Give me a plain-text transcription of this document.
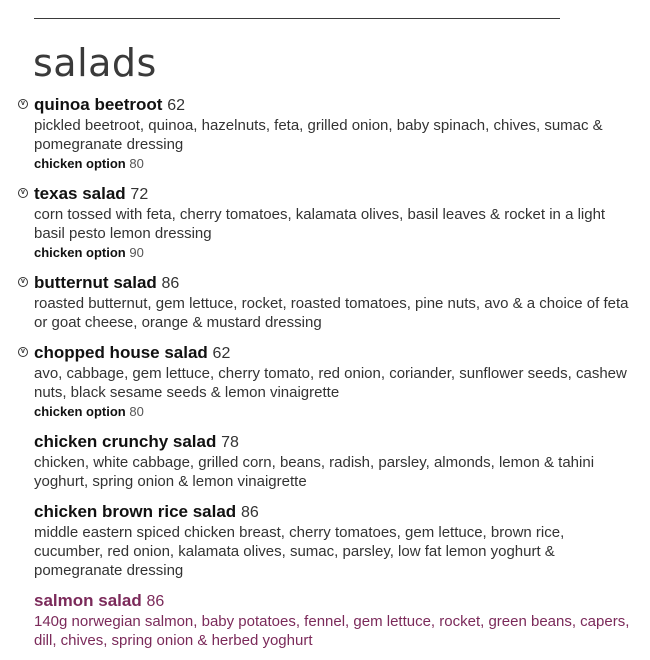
salads
v quinoa beetroot 62

pickled beetroot, quinoa, hazelnuts, feta, grilled onion, baby spinach, chives, sumac & pomegranate dressing

chicken option 80
v texas salad 72

corn tossed with feta, cherry tomatoes, kalamata olives, basil leaves & rocket in a light basil pesto lemon dressing

chicken option 90
v butternut salad 86

roasted butternut, gem lettuce, rocket, roasted tomatoes, pine nuts, avo & a choice of feta or goat cheese, orange & mustard dressing

v chopped house salad 62

avo, cabbage, gem lettuce, cherry tomato, red onion, coriander, sunflower seeds, cashew nuts, black sesame seeds & lemon vinaigrette

chicken option 80
chicken crunchy salad 78

chicken, white cabbage, grilled corn, beans, radish, parsley, almonds, lemon & tahini yoghurt, spring onion & lemon vinaigrette

chicken brown rice salad 86

middle eastern spiced chicken breast, cherry tomatoes, gem lettuce, brown rice, cucumber, red onion, kalamata olives, sumac, parsley, low fat lemon yoghurt & pomegranate dressing

salmon salad 86

140g norwegian salmon, baby potatoes, fennel, gem lettuce, rocket, green beans, capers, dill, chives, spring onion & herbed yoghurt
